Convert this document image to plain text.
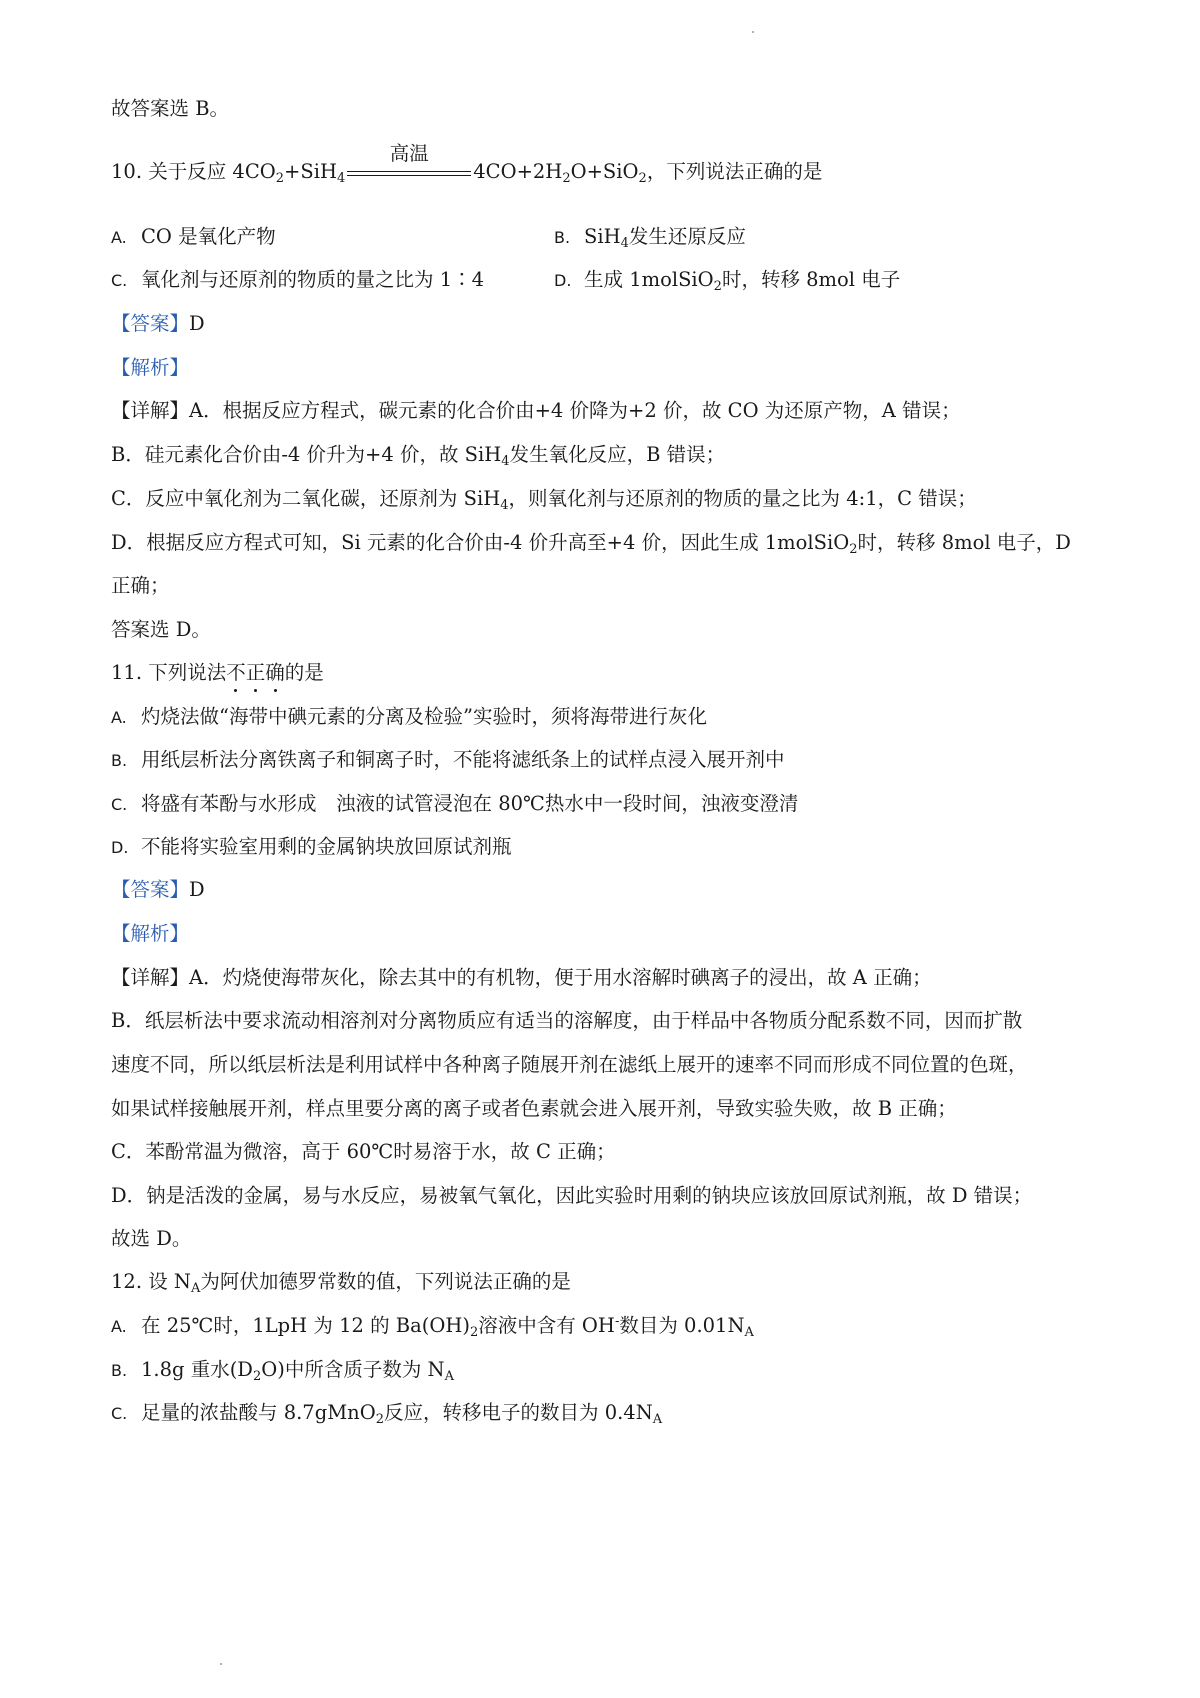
故答案选 B。
10. 关于反应 $4CO_2+SiH_4$
高温
$4CO+2H_2O+SiO_2$，下列说法正确的是
A. CO 是氧化产物	B. SiH$_4$发生还原反应
C. 氧化剂与还原剂的物质的量之比为 1∶4	D. 生成 1molSiO$_2$时，转移 8mol 电子
【答案】D
【解析】
【详解】A．根据反应方程式，碳元素的化合价由+4 价降为+2 价，故 CO 为还原产物，A 错误；
B．硅元素化合价由-4 价升为+4 价，故 SiH$_4$发生氧化反应，B 错误；
C．反应中氧化剂为二氧化碳，还原剂为 SiH$_4$，则氧化剂与还原剂的物质的量之比为 4:1，C 错误；
D．根据反应方程式可知，Si 元素的化合价由-4 价升高至+4 价，因此生成 1molSiO$_2$时，转移 8mol 电子，D
正确；
答案选 D。
11. 下列说法不正确的是
A. 灼烧法做“海带中碘元素的分离及检验”实验时，须将海带进行灰化
B. 用纸层析法分离铁离子和铜离子时，不能将滤纸条上的试样点浸入展开剂中
C. 将盛有苯酚与水形成　浊液的试管浸泡在 80℃热水中一段时间，浊液变澄清
D. 不能将实验室用剩的金属钠块放回原试剂瓶
【答案】D
【解析】
【详解】A．灼烧使海带灰化，除去其中的有机物，便于用水溶解时碘离子的浸出，故 A 正确；
B．纸层析法中要求流动相溶剂对分离物质应有适当的溶解度，由于样品中各物质分配系数不同，因而扩散
速度不同，所以纸层析法是利用试样中各种离子随展开剂在滤纸上展开的速率不同而形成不同位置的色斑，
如果试样接触展开剂，样点里要分离的离子或者色素就会进入展开剂，导致实验失败，故 B 正确；
C．苯酚常温为微溶，高于 60℃时易溶于水，故 C 正确；
D．钠是活泼的金属，易与水反应，易被氧气氧化，因此实验时用剩的钠块应该放回原试剂瓶，故 D 错误；
故选 D。
12. 设 $N_A$为阿伏加德罗常数的值，下列说法正确的是
A. 在 25℃时，1LpH 为 12 的 $Ba(OH)_2$溶液中含有 OH-数目为 $0.01N_A$
B. 1.8g 重水$(D_2O)$中所含质子数为 $N_A$
C. 足量的浓盐酸与 8.7gMnO$_2$反应，转移电子的数目为 $0.4N_A$
